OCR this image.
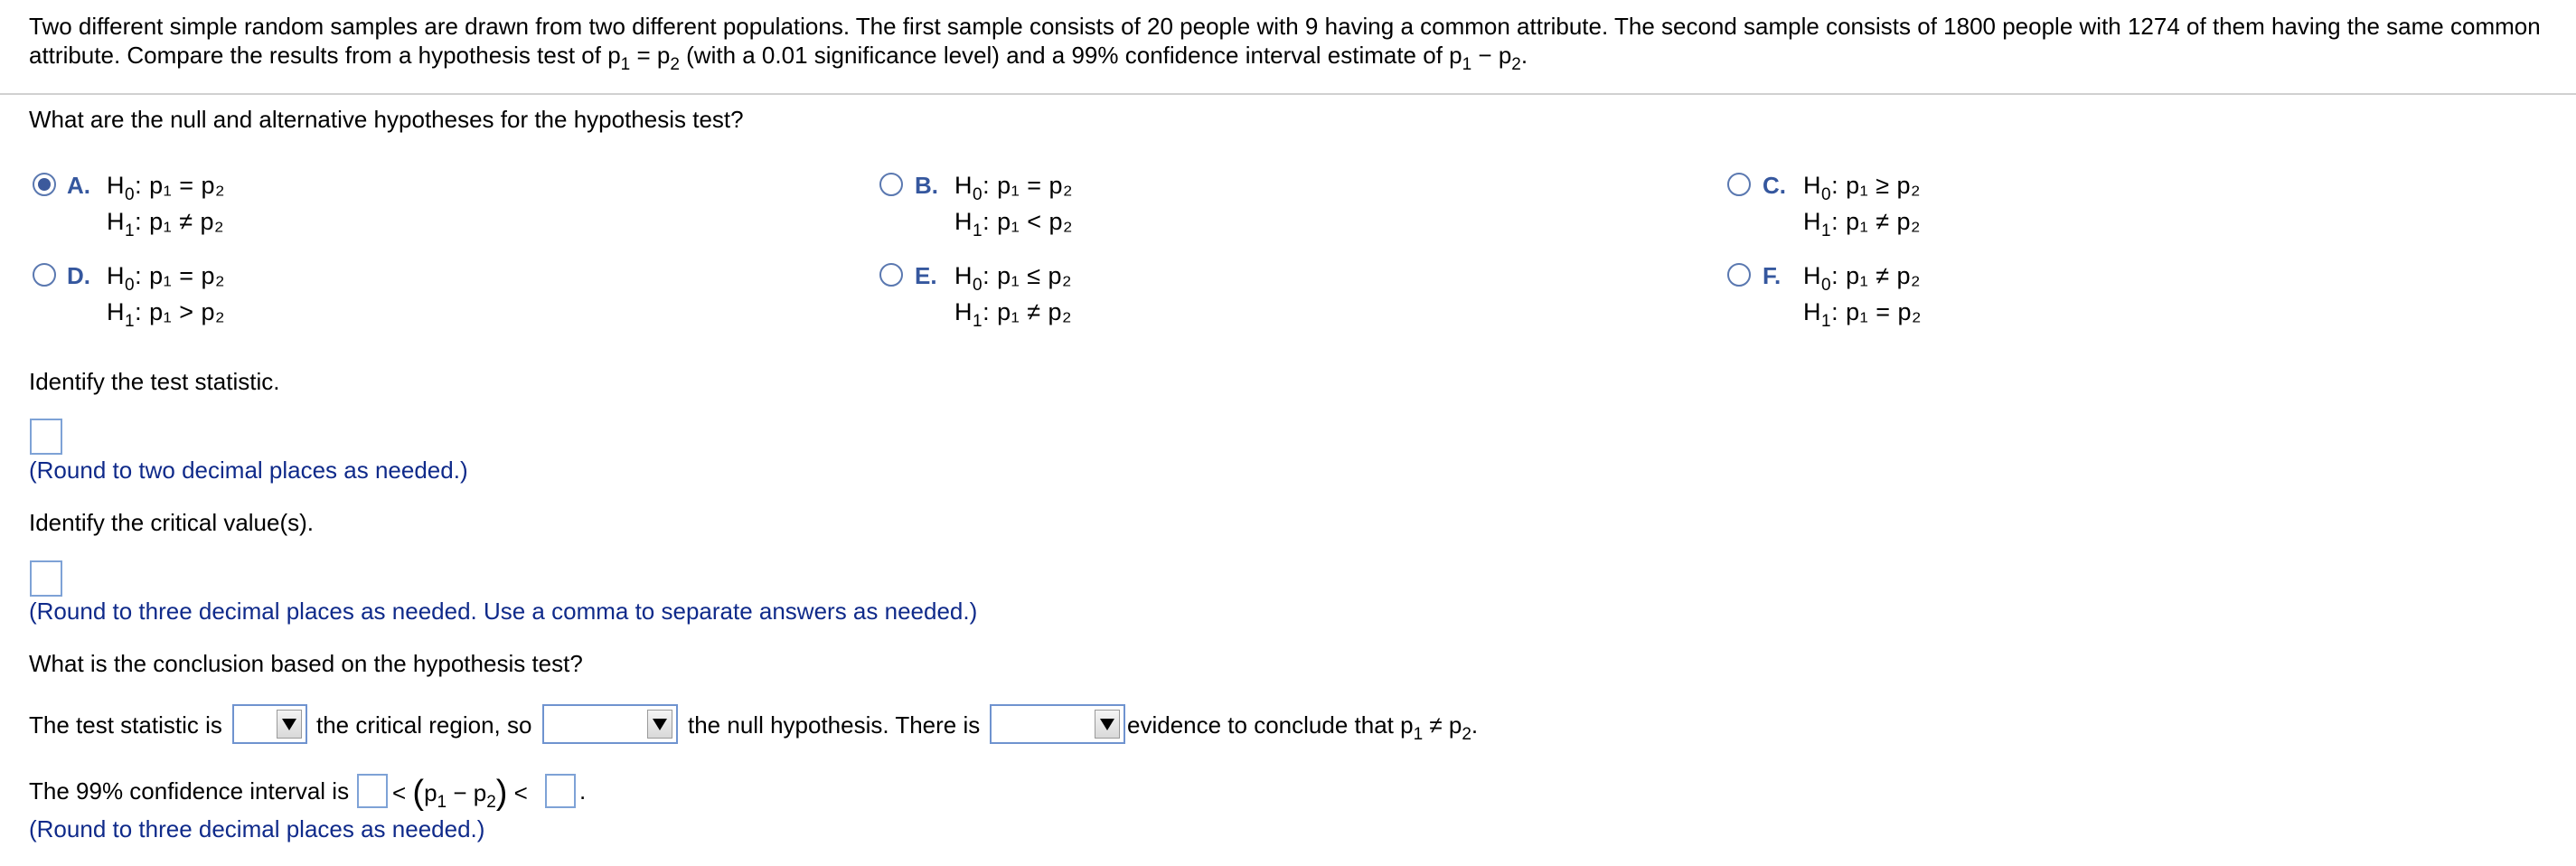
Two different simple random samples are drawn from two different populations. The first sample consists of 20 people with 9 having a common attribute. The second sample consists of 1800 people with 1274 of them having the same common
attribute. Compare the results from a hypothesis test of $p_1 = p_2$ (with a 0.01 significance level) and a 99% confidence interval estimate of $p_1 - p_2$.
What are the null and alternative hypotheses for the hypothesis test?
A. $H_0$: p₁ = p₂
$H_1$: p₁ ≠ p₂
B. $H_0$: p₁ = p₂
$H_1$: p₁ < p₂
C. $H_0$: p₁ ≥ p₂
$H_1$: p₁ ≠ p₂
D. $H_0$: p₁ = p₂
$H_1$: p₁ > p₂
E. $H_0$: p₁ ≤ p₂
$H_1$: p₁ ≠ p₂
F. $H_0$: p₁ ≠ p₂
$H_1$: p₁ = p₂
Identify the test statistic.
(Round to two decimal places as needed.)
Identify the critical value(s).
(Round to three decimal places as needed. Use a comma to separate answers as needed.)
What is the conclusion based on the hypothesis test?
The test statistic is	the critical region, so	the null hypothesis. There is	evidence to conclude that $p_1 \ne p_2$.
The 99% confidence interval is < $(p_1 - p_2)$ < .
(Round to three decimal places as needed.)
